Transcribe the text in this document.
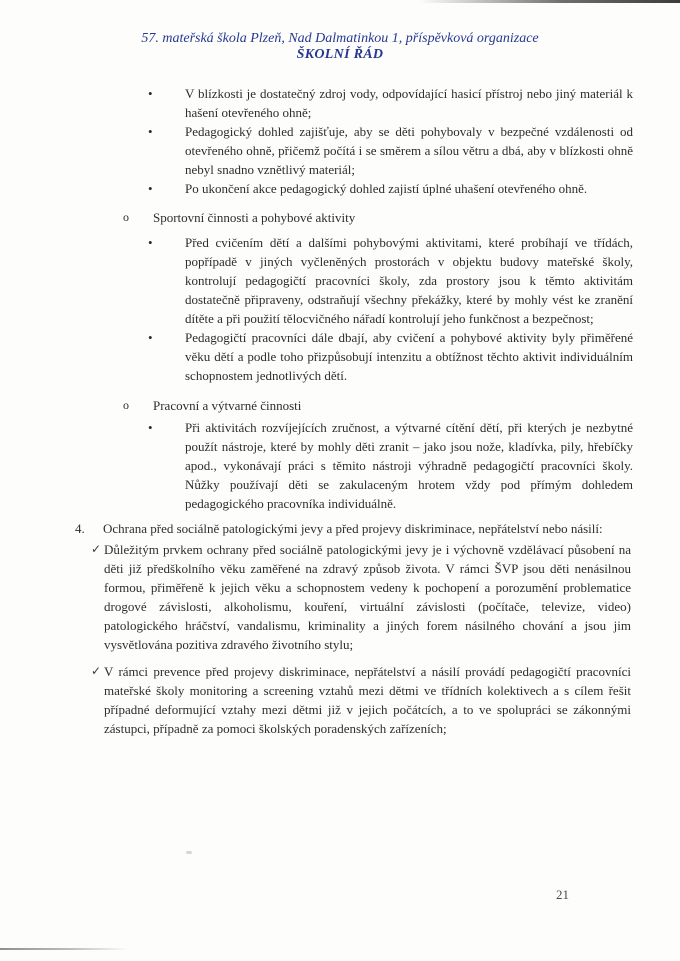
57. mateřská škola Plzeň, Nad Dalmatinkou 1, příspěvková organizace
ŠKOLNÍ ŘÁD
•	V blízkosti je dostatečný zdroj vody, odpovídající hasicí přístroj nebo jiný materiál k hašení otevřeného ohně;
•	Pedagogický dohled zajišťuje, aby se děti pohybovaly v bezpečné vzdálenosti od otevřeného ohně, přičemž počítá i se směrem a sílou větru a dbá, aby v blízkosti ohně nebyl snadno vznětlivý materiál;
•	Po ukončení akce pedagogický dohled zajistí úplné uhašení otevřeného ohně.
o	Sportovní činnosti a pohybové aktivity
•	Před cvičením dětí a dalšími pohybovými aktivitami, které probíhají ve třídách, popřípadě v jiných vyčleněných prostorách v objektu budovy mateřské školy, kontrolují pedagogičtí pracovníci školy, zda prostory jsou k těmto aktivitám dostatečně připraveny, odstraňují všechny překážky, které by mohly vést ke zranění dítěte a při použití tělocvičného nářadí kontrolují jeho funkčnost a bezpečnost;
•	Pedagogičtí pracovníci dále dbají, aby cvičení a pohybové aktivity byly přiměřené věku dětí a podle toho přizpůsobují intenzitu a obtížnost těchto aktivit individuálním schopnostem jednotlivých dětí.
o	Pracovní a výtvarné činnosti
•	Při aktivitách rozvíjejících zručnost, a výtvarné cítění dětí, při kterých je nezbytné použít nástroje, které by mohly děti zranit – jako jsou nože, kladívka, pily, hřebíčky apod., vykonávají práci s těmito nástroji výhradně pedagogičtí pracovníci školy. Nůžky používají děti se zakulaceným hrotem vždy pod přímým dohledem pedagogického pracovníka individuálně.
4.	Ochrana před sociálně patologickými jevy a před projevy diskriminace, nepřátelství nebo násilí:
✓ Důležitým prvkem ochrany před sociálně patologickými jevy je i výchovně vzdělávací působení na děti již předškolního věku zaměřené na zdravý způsob života. V rámci ŠVP jsou děti nenásilnou formou, přiměřeně k jejich věku a schopnostem vedeny k pochopení a porozumění problematice drogové závislosti, alkoholismu, kouření, virtuální závislosti (počítače, televize, video) patologického hráčství, vandalismu, kriminality a jiných forem násilného chování a jsou jim vysvětlována pozitiva zdravého životního stylu;
✓ V rámci prevence před projevy diskriminace, nepřátelství a násilí provádí pedagogičtí pracovníci mateřské školy monitoring a screening vztahů mezi dětmi ve třídních kolektivech a s cílem řešit případné deformující vztahy mezi dětmi již v jejich počátcích, a to ve spolupráci se zákonnými zástupci, případně za pomoci školských poradenských zařízeních;
21
